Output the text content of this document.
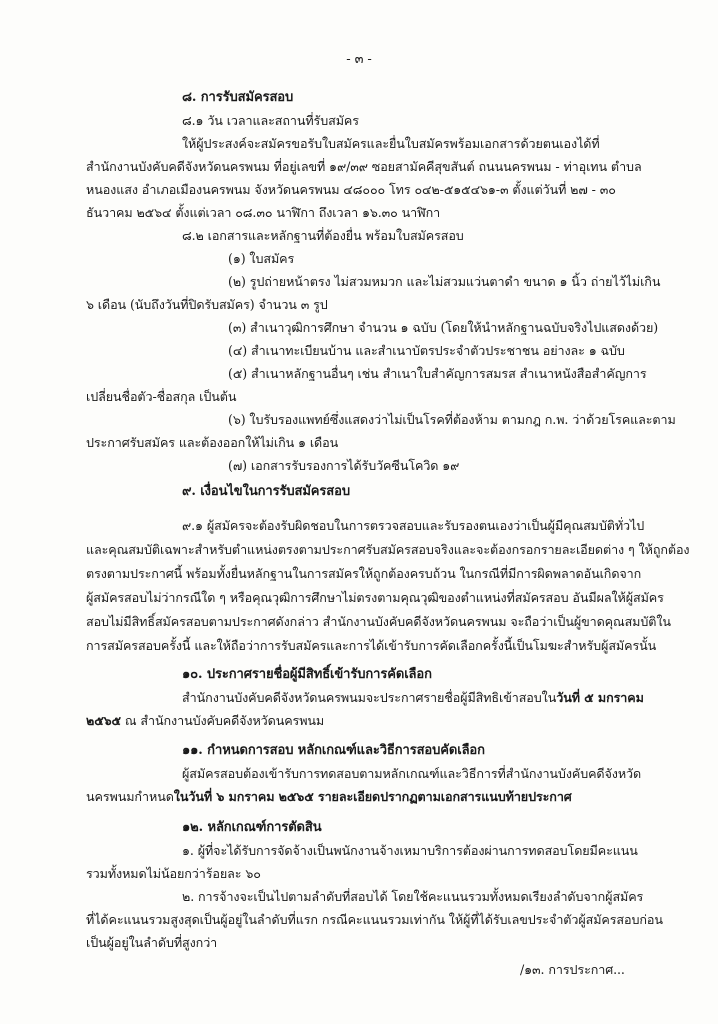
- ๓ -
๘. การรับสมัครสอบ
๘.๑ วัน เวลาและสถานที่รับสมัคร
ให้ผู้ประสงค์จะสมัครขอรับใบสมัครและยื่นใบสมัครพร้อมเอกสารด้วยตนเองได้ที่
สำนักงานบังคับคดีจังหวัดนครพนม ที่อยู่เลขที่ ๑๙/๓๙ ซอยสามัคคีสุขสันต์ ถนนนครพนม - ท่าอุเทน ตำบล
หนองแสง อำเภอเมืองนครพนม จังหวัดนครพนม ๔๘๐๐๐ โทร ๐๔๒-๕๑๕๔๖๑-๓ ตั้งแต่วันที่ ๒๗ - ๓๐
ธันวาคม ๒๕๖๔ ตั้งแต่เวลา ๐๘.๓๐ นาฬิกา ถึงเวลา ๑๖.๓๐ นาฬิกา
๘.๒ เอกสารและหลักฐานที่ต้องยื่น พร้อมใบสมัครสอบ
(๑) ใบสมัคร
(๒) รูปถ่ายหน้าตรง ไม่สวมหมวก และไม่สวมแว่นตาดำ ขนาด ๑ นิ้ว ถ่ายไว้ไม่เกิน
๖ เดือน (นับถึงวันที่ปิดรับสมัคร) จำนวน ๓ รูป
(๓) สำเนาวุฒิการศึกษา จำนวน ๑ ฉบับ (โดยให้นำหลักฐานฉบับจริงไปแสดงด้วย)
(๔) สำเนาทะเบียนบ้าน และสำเนาบัตรประจำตัวประชาชน อย่างละ ๑ ฉบับ
(๕) สำเนาหลักฐานอื่นๆ เช่น สำเนาใบสำคัญการสมรส สำเนาหนังสือสำคัญการ
เปลี่ยนชื่อตัว-ชื่อสกุล เป็นต้น
(๖) ใบรับรองแพทย์ซึ่งแสดงว่าไม่เป็นโรคที่ต้องห้าม ตามกฎ ก.พ. ว่าด้วยโรคและตาม
ประกาศรับสมัคร และต้องออกให้ไม่เกิน ๑ เดือน
(๗) เอกสารรับรองการได้รับวัคซีนโควิด ๑๙
๙. เงื่อนไขในการรับสมัครสอบ
๙.๑ ผู้สมัครจะต้องรับผิดชอบในการตรวจสอบและรับรองตนเองว่าเป็นผู้มีคุณสมบัติทั่วไป
และคุณสมบัติเฉพาะสำหรับตำแหน่งตรงตามประกาศรับสมัครสอบจริงและจะต้องกรอกรายละเอียดต่าง ๆ ให้ถูกต้อง
ตรงตามประกาศนี้ พร้อมทั้งยื่นหลักฐานในการสมัครให้ถูกต้องครบถ้วน ในกรณีที่มีการผิดพลาดอันเกิดจาก
ผู้สมัครสอบไม่ว่ากรณีใด ๆ หรือคุณวุฒิการศึกษาไม่ตรงตามคุณวุฒิของตำแหน่งที่สมัครสอบ อันมีผลให้ผู้สมัคร
สอบไม่มีสิทธิ์สมัครสอบตามประกาศดังกล่าว สำนักงานบังคับคดีจังหวัดนครพนม จะถือว่าเป็นผู้ขาดคุณสมบัติใน
การสมัครสอบครั้งนี้ และให้ถือว่าการรับสมัครและการได้เข้ารับการคัดเลือกครั้งนี้เป็นโมฆะสำหรับผู้สมัครนั้น
๑๐. ประกาศรายชื่อผู้มีสิทธิ์เข้ารับการคัดเลือก
สำนักงานบังคับคดีจังหวัดนครพนมจะประกาศรายชื่อผู้มีสิทธิเข้าสอบในวันที่ ๕ มกราคม
๒๕๖๕ ณ สำนักงานบังคับคดีจังหวัดนครพนม
๑๑. กำหนดการสอบ หลักเกณฑ์และวิธีการสอบคัดเลือก
ผู้สมัครสอบต้องเข้ารับการทดสอบตามหลักเกณฑ์และวิธีการที่สำนักงานบังคับคดีจังหวัด
นครพนมกำหนดในวันที่ ๖ มกราคม ๒๕๖๕ รายละเอียดปรากฏตามเอกสารแนบท้ายประกาศ
๑๒. หลักเกณฑ์การตัดสิน
๑. ผู้ที่จะได้รับการจัดจ้างเป็นพนักงานจ้างเหมาบริการต้องผ่านการทดสอบโดยมีคะแนน
รวมทั้งหมดไม่น้อยกว่าร้อยละ ๖๐
๒. การจ้างจะเป็นไปตามลำดับที่สอบได้ โดยใช้คะแนนรวมทั้งหมดเรียงลำดับจากผู้สมัคร
ที่ได้คะแนนรวมสูงสุดเป็นผู้อยู่ในลำดับที่แรก กรณีคะแนนรวมเท่ากัน ให้ผู้ที่ได้รับเลขประจำตัวผู้สมัครสอบก่อน
เป็นผู้อยู่ในลำดับที่สูงกว่า
/๑๓. การประกาศ...
